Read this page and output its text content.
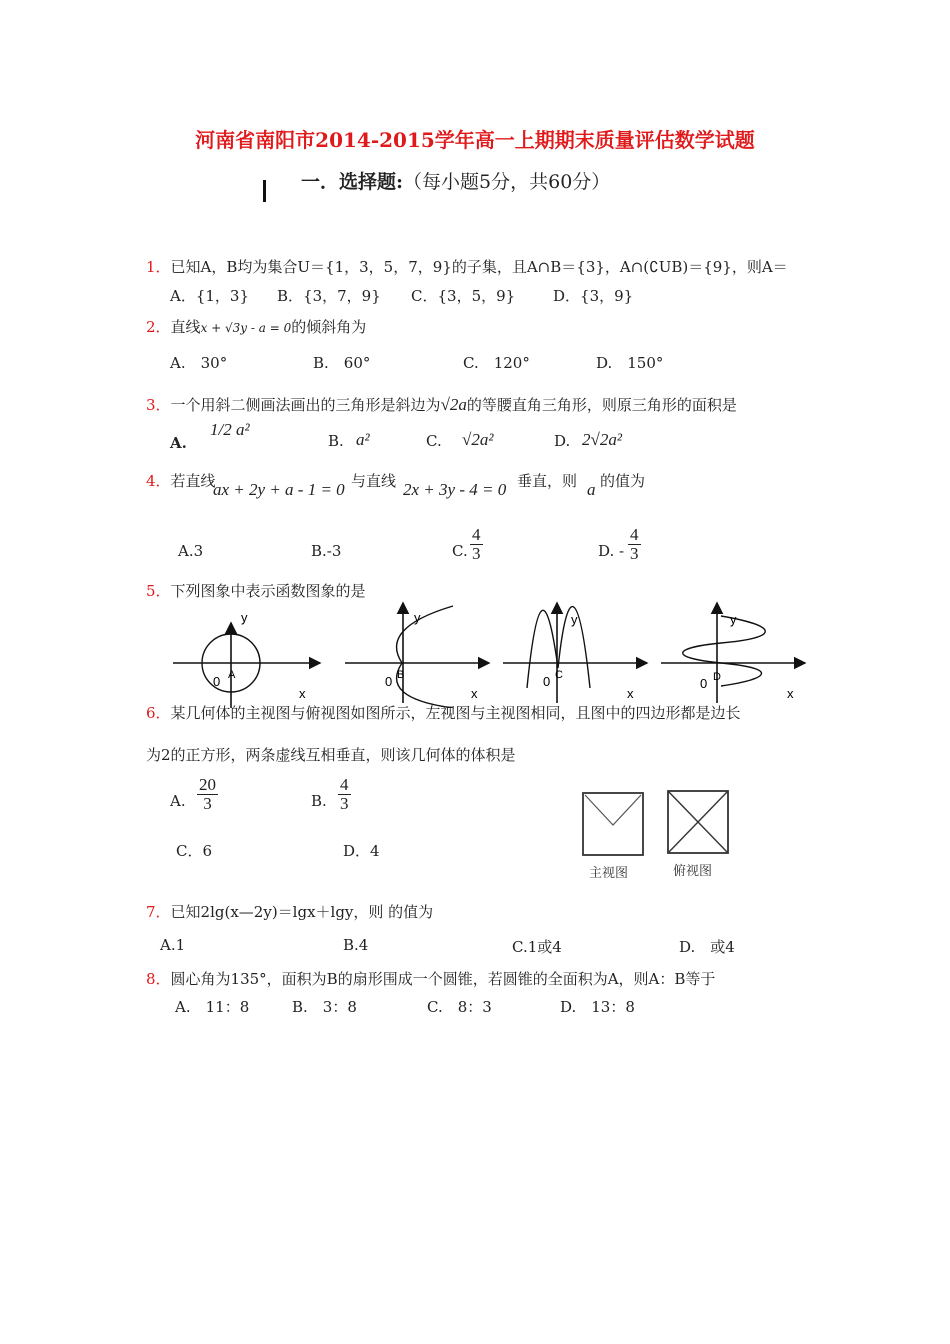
河南省南阳市2014-2015学年高一上期期末质量评估数学试题
一．选择题:（每小题5分，共60分）
1．已知A，B均为集合U＝{1，3，5，7，9}的子集，且A∩B＝{3}，A∩(∁UB)＝{9}，则A＝
A．{1，3} B．{3，7，9} C．{3，5，9}	D．{3，9}
2．直线x + √3y - a = 0的倾斜角为
A.　30°	B.　60°	C.　120°	D.　150°
3．一个用斜二侧画法画出的三角形是斜边为√2a的等腰直角三角形，则原三角形的面积是
A.
1/2 a²
B. a²	C. √2a²	D. 2√2a²
4．若直线
ax + 2y + a - 1 = 0 与直线 2x + 3y - 4 = 0 垂直，则 a 的值为
A.3	B.-3	C. $\frac{4}{3}$	D. - $\frac{4}{3}$
5．下列图象中表示函数图象的是
y
0 A
x
y
0 B
x
y
0 C
x
y
0 D
x
6．某几何体的主视图与俯视图如图所示，左视图与主视图相同，且图中的四边形都是边长
为2的正方形，两条虚线互相垂直，则该几何体的体积是
A. $\frac{20}{3}$	B. $\frac{4}{3}$
C．6	D．4
主视图	俯视图
7．已知2lg(x—2y)＝lgx＋lgy，则 的值为
A.1	B.4	C.1或4	D.　或4
8．圆心角为135°，面积为B的扇形围成一个圆锥，若圆锥的全面积为A，则A：B等于
A.　11：8	B.　3：8	C.　8：3	D.　13：8
